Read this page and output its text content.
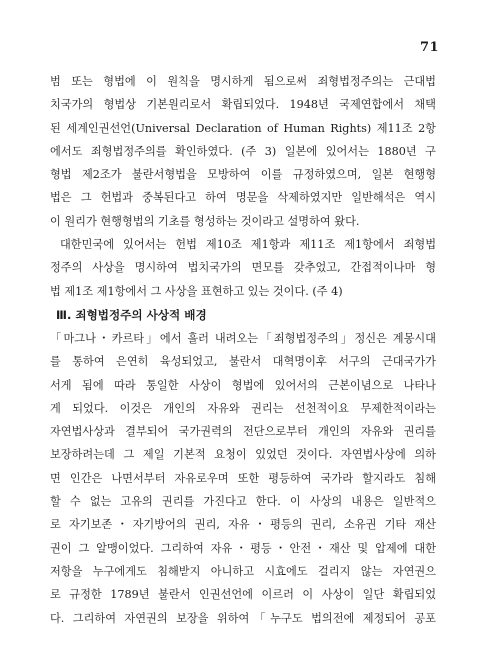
71
범 또는 형법에 이 원칙을 명시하게 됨으로써 죄형법정주의는 근대법
치국가의 형법상 기본원리로서 확립되었다. 1948년 국제연합에서 채택
된 세계인권선언(Universal Declaration of Human Rights) 제11조 2항
에서도 죄형법정주의를 확인하였다. (주 3) 일본에 있어서는 1880년 구
형법 제2조가 불란서형법을 모방하여 이를 규정하였으며, 일본 현행형
법은 그 헌법과 중복된다고 하여 명문을 삭제하였지만 일반해석은 역시
이 원리가 현행형법의 기초를 형성하는 것이라고 설명하여 왔다.
대한민국에 있어서는 헌법 제10조 제1항과 제11조 제1항에서 죄형법
정주의 사상을 명시하여 법치국가의 면모를 갖추었고, 간접적이나마 형
법 제1조 제1항에서 그 사상을 표현하고 있는 것이다. (주 4)
Ⅲ. 죄형법정주의 사상적 배경
「마그나・카르타」에서 흘러 내려오는「죄형법정주의」정신은 계몽시대
를 통하여 은연히 육성되었고, 불란서 대혁명이후 서구의 근대국가가
서게 됨에 따라 통일한 사상이 형법에 있어서의 근본이념으로 나타나
게 되었다. 이것은 개인의 자유와 권리는 선천적이요 무제한적이라는
자연법사상과 결부되어 국가권력의 전단으로부터 개인의 자유와 권리를
보장하려는데 그 제일 기본적 요청이 있었던 것이다. 자연법사상에 의하
면 인간은 나면서부터 자유로우며 또한 평등하여 국가라 할지라도 침해
할 수 없는 고유의 권리를 가진다고 한다. 이 사상의 내용은 일반적으
로 자기보존・자기방어의 권리, 자유・평등의 권리, 소유권 기타 재산
권이 그 알맹이었다. 그리하여 자유・평등・안전・재산 및 압제에 대한
저항을 누구에게도 침해받지 아니하고 시효에도 걸리지 않는 자연권으
로 규정한 1789년 불란서 인권선언에 이르러 이 사상이 일단 확립되었
다. 그리하여 자연권의 보장을 위하여「누구도 법의전에 제정되어 공포
